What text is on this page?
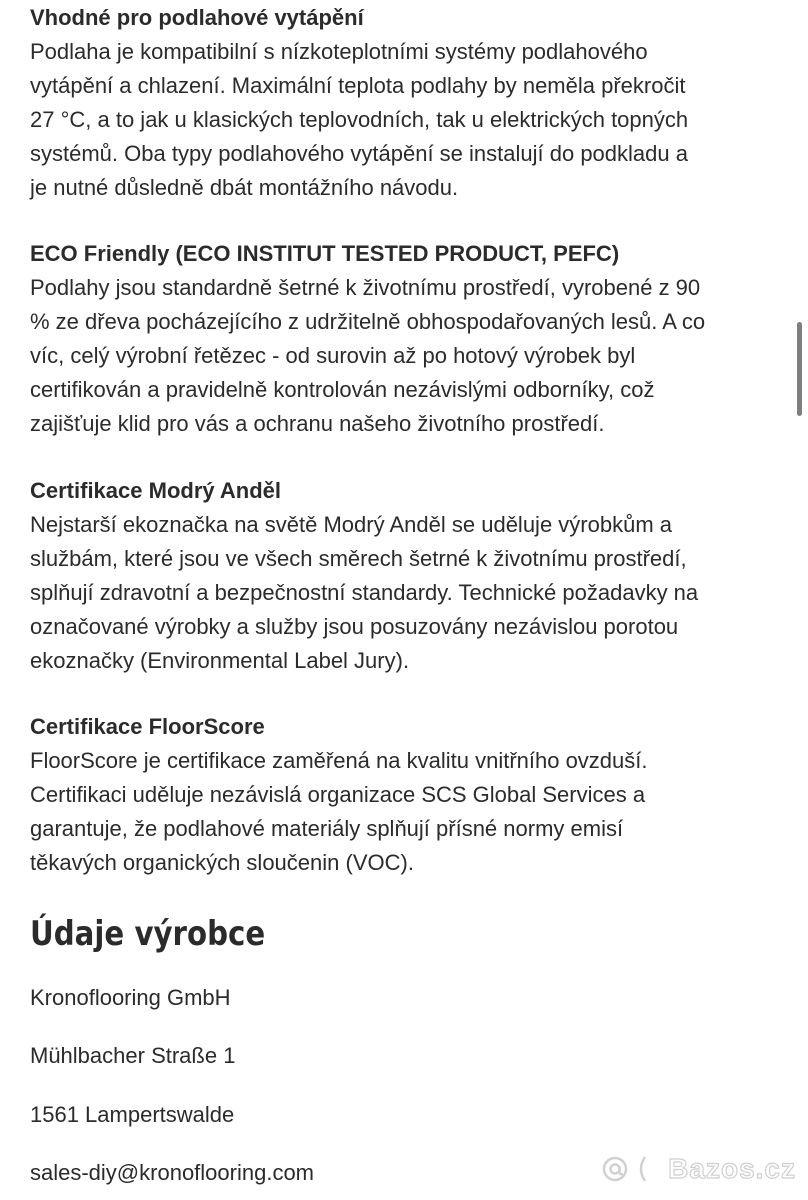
Vhodné pro podlahové vytápění

Podlaha je kompatibilní s nízkoteplotními systémy podlahového

vytápění a chlazení. Maximální teplota podlahy by neměla překročit

27 °C, a to jak u klasických teplovodních, tak u elektrických topných

systémů. Oba typy podlahového vytápění se instalují do podkladu a

je nutné důsledně dbát montážního návodu.

ECO Friendly (ECO INSTITUT TESTED PRODUCT, PEFC)

Podlahy jsou standardně šetrné k životnímu prostředí, vyrobené z 90

% ze dřeva pocházejícího z udržitelně obhospodařovaných lesů. A co

víc, celý výrobní řetězec - od surovin až po hotový výrobek byl

certifikován a pravidelně kontrolován nezávislými odborníky, což

zajišťuje klid pro vás a ochranu našeho životního prostředí.

Certifikace Modrý Anděl

Nejstarší ekoznačka na světě Modrý Anděl se uděluje výrobkům a

službám, které jsou ve všech směrech šetrné k životnímu prostředí,

splňují zdravotní a bezpečnostní standardy. Technické požadavky na

označované výrobky a služby jsou posuzovány nezávislou porotou

ekoznačky (Environmental Label Jury).

Certifikace FloorScore

FloorScore je certifikace zaměřená na kvalitu vnitřního ovzduší.

Certifikaci uděluje nezávislá organizace SCS Global Services a

garantuje, že podlahové materiály splňují přísné normy emisí

těkavých organických sloučenin (VOC).

Údaje výrobce
Kronoflooring GmbH
Mühlbacher Straße 1
1561 Lampertswalde
sales-diy@kronoflooring.com	Bazos.cz
